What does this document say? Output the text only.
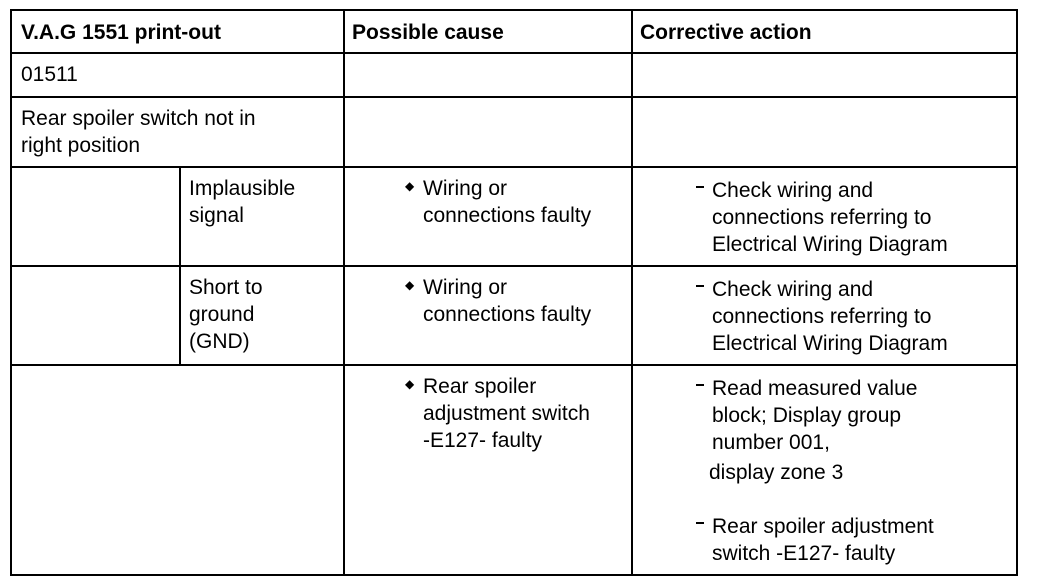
V.A.G 1551 print-out	Possible cause	Corrective action
01511
Rear spoiler switch not in
right position
Implausible
signal
◆ Wiring or
connections faulty
Check wiring and
connections referring to
Electrical Wiring Diagram
Short to
ground
(GND)
◆ Wiring or
connections faulty
Check wiring and
connections referring to
Electrical Wiring Diagram
◆ Rear spoiler
adjustment switch
-E127- faulty
Read measured value
block; Display group
number 001,
display zone 3
Rear spoiler adjustment
switch -E127- faulty
